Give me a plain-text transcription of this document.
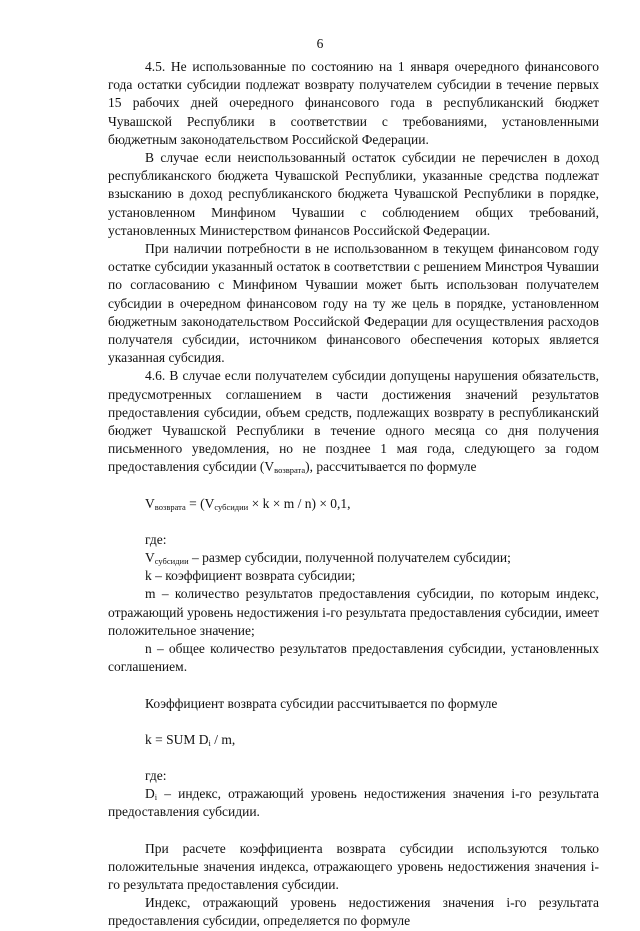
6

4.5. Не использованные по состоянию на 1 января очередного финансового года остатки субсидии подлежат возврату получателем субсидии в течение первых 15 рабочих дней очередного финансового года в республиканский бюджет Чувашской Республики в соответствии с требованиями, установленными бюджетным законодательством Российской Федерации.

В случае если неиспользованный остаток субсидии не перечислен в доход республиканского бюджета Чувашской Республики, указанные средства подлежат взысканию в доход республиканского бюджета Чувашской Республики в порядке, установленном Минфином Чувашии с соблюдением общих требований, установленных Министерством финансов Российской Федерации.

При наличии потребности в не использованном в текущем финансовом году остатке субсидии указанный остаток в соответствии с решением Минстроя Чувашии по согласованию с Минфином Чувашии может быть использован получателем субсидии в очередном финансовом году на ту же цель в порядке, установленном бюджетным законодательством Российской Федерации для осуществления расходов получателя субсидии, источником финансового обеспечения которых является указанная субсидия.

4.6. В случае если получателем субсидии допущены нарушения обязательств, предусмотренных соглашением в части достижения значений результатов предоставления субсидии, объем средств, подлежащих возврату в республиканский бюджет Чувашской Республики в течение одного месяца со дня получения письменного уведомления, но не позднее 1 мая года, следующего за годом предоставления субсидии $(V_{возврата})$, рассчитывается по формуле

$V_{возврата} = (V_{субсидии} \times k \times m / n) \times 0,1$,

где:

$V_{субсидии}$ – размер субсидии, полученной получателем субсидии;

k – коэффициент возврата субсидии;

m – количество результатов предоставления субсидии, по которым индекс, отражающий уровень недостижения i-го результата предоставления субсидии, имеет положительное значение;

n – общее количество результатов предоставления субсидии, установленных соглашением.

Коэффициент возврата субсидии рассчитывается по формуле

k = SUM $D_i$ / m,

где:

$D_i$ – индекс, отражающий уровень недостижения значения i-го результата предоставления субсидии.

При расчете коэффициента возврата субсидии используются только положительные значения индекса, отражающего уровень недостижения значения i-го результата предоставления субсидии.

Индекс, отражающий уровень недостижения значения i-го результата предоставления субсидии, определяется по формуле
